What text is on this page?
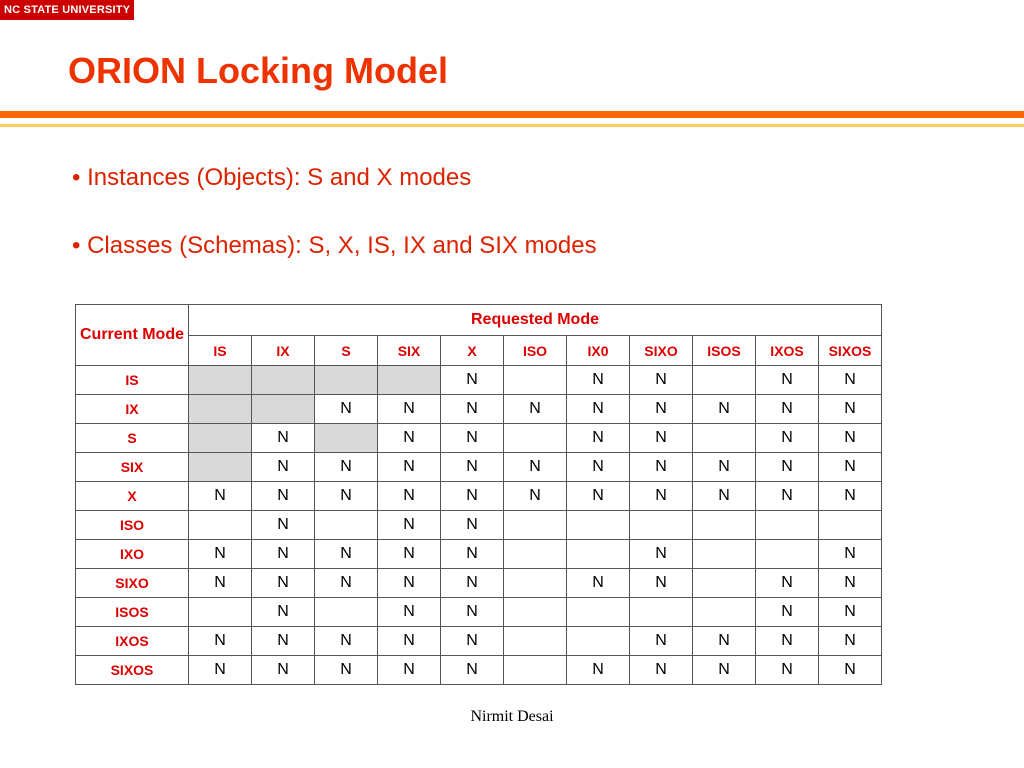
NC STATE UNIVERSITY
ORION Locking Model
• Instances (Objects): S and X modes
• Classes (Schemas): S, X, IS, IX and SIX modes
Current Mode	Requested Mode										
	IS	IX	S	SIX	X	ISO	IX0	SIXO	ISOS	IXOS	SIXOS
IS					N		N	N		N	N
IX			N	N	N	N	N	N	N	N	N
S		N		N	N		N	N		N	N
SIX		N	N	N	N	N	N	N	N	N	N
X	N	N	N	N	N	N	N	N	N	N	N
ISO		N		N	N						
IXO	N	N	N	N	N			N			N
SIXO	N	N	N	N	N		N	N		N	N
ISOS		N		N	N					N	N
IXOS	N	N	N	N	N			N	N	N	N
SIXOS	N	N	N	N	N		N	N	N	N	N
Nirmit Desai
